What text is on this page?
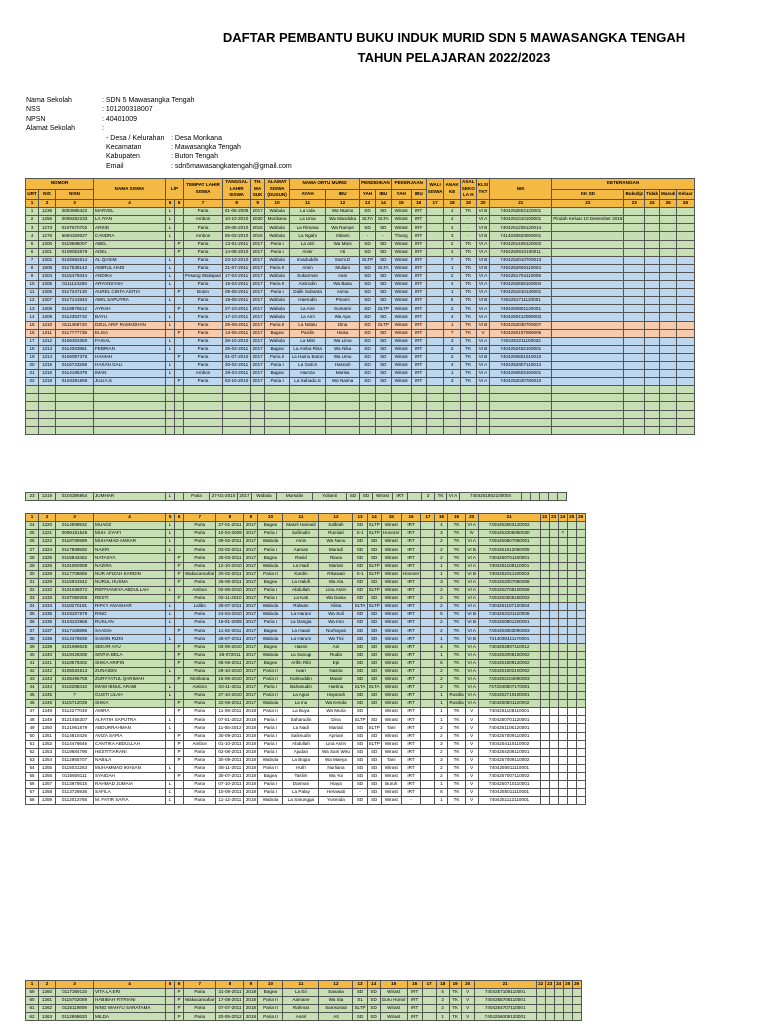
DAFTAR PEMBANTU BUKU INDUK MURID SDN 5 MAWASANGKA TENGAH
TAHUN PELAJARAN 2022/2023
Nama Sekolah	: SDN 5 Mawasangka Tengah
NSS	: 101200318007
NPSN	: 40401009
Alamat Sekolah	:
- Desa / Kelurahan : Desa Morikana
Kecamatan	: Mawasangka Tengah
Kabupaten	: Buton Tengah
Email	: sdn5mawasangkatengah@gmail.com
NOMOR			NAMA SISWA	L/P		TEMPAT LAHIR SISWA	TANGGAL LAHIR SISWA	TH. MA SUK	ALAMAT SISWA (DUSUN)	NAMA ORTU MURID		PENDIDIKAN		PEKERJAAN		WALI SISWA	ANAK KE	ASAL SEKO LA H	KLS/ TKT	NIK	KETERANGAN				
URT	NIS	NISN								AYAH	IBU	YAH	IBU	YAH	IBU						KK SD	Buku/Ijz	Tidak	Masuk	Keluar
1	2	3	4	5	6	7	8	9	10	11	12	13	14	15	16	17	18	19	20	21	22	23	24	25	26
1	1236	0093985422	MARVEL	L		Paria	01-06-2009	2017	Wabula	La Uda	Wa Ntamo	SD	SD	Wirast	IRT		4	TK	VI B	7404252803120001					
2	1256	0099262233	LA IYAN	L		Ambon	10-10-2010	2020	Morikana	La Uma	Wa Manduka	SLTA	SLTA	Wirast	IRT		4	-	VI A	7404251010100001	Pindah Keluar 10 Desember 2016				
3	1273	0107670702	ARSID	L		Paria	28-05-2010	2016	Wabula	La Rimasa	Wa Rampe	SD	SD	Wirast	IRT		4	-	VI B	7404251208120014					
4	1276	6094329027	CANDRA	L		Ambon	06-03-2010	2016	Wabula	La Ngahi	Sitiami	-	-	Thang	IRT		3	-	VI B	7414030603000001					
5	1300	0119695007	ABEL		P	Paria	13-01-2011	2017	Paria I	La aGi	Wa Mani	SD	SD	Wirast	IRT		2	TK	VI A	7404251408120002					
6	1301	0109053679	ADEL		P	Paria	14-08-2010	2017	Paria I	Ansir	Ati	SD	SD	Wirast	IRT		4	TK	VI A	7404250910100011					
7	1302	0102662614	AL QASIM	L		Paria	23-10-2010	2017	Wabula	Imaduddin	Sarni.D	SLTP	SD	Wirast	IRT		7	TK	VI B	7404252010700013					
8	1808	0117538142	AMIRUL HADI	L		Paria	21-07-2011	2017	Paria II	Amin	Muliani	SD	SLTA	Wirast	IRT		1	TK	VI B	7404252600110004					
9	1304	0115479344	ANDIKA	L		Pesang Wakapan	17-04-2011	2017	Wabula	Sukarman	Aani	SD	SD	Wirast	IRT		2	TK	VI A	7404251704110006					
10	1305	0111124269	ARYANSYAH	L		Paria	15-04-2011	2017	Paria II	Amirudin	Wa Basa	SD	SD	Wirast	IRT		4	TK	VI A	7404252608100004					
11	1306	0117347130	AUREL CINTA ASITIA		P	Buton	05-05-2011	2017	Paria I	Didik Subanta	Asma	SD	SD	Wirast	IRT		1	TK	VI A	7404251810130001					
12	1307	0117141943	AWIL SAPUTRA	L		Paria	19-05-2011	2017	Wabula	Haerudin	Pinami	SD	SD	Wirast	IRT		5	TK	VI B	7404252711120001					
13	1308	0119875512	AYRAH		P	Paria	27-10-2011	2017	Wabula	La Ane	Sumarni	SD	SLTP	Wirast	IRT		2	TK	VI A	7404250801120001					
14	1309	0112353732	BAYU	L		Paria	17-10-2011	2017	Wabula	La Ami	Wa Apa	SD	SD	Wirast	IRT		4	TK	VI A	7404250412090003					
15	1310	0111468720	DZUL ARIF RAMADHAN	L		Paria	25-08-2011	2017	Paria II	La Ndatu	Dina	SD	SLTP	Wirast	IRT		1	TK	VI B	7404252030700007					
16	1311	0117777736	ELISA		P	Paria	13-05-2011	2017	Bagea	Pardin	Haisa	SD	SD	Wirast	IRT		7	TK	V	7404250107080006					
17	1312	0106302060	FAISAL	L		Paria	28-10-2010	2017	Wabula	La Misi	Wa Lima	SD	SD	Wirast	IRT		3	TK	VI A	7404252211100032					
18	1313	0114263881	FEBRIAN	L		Paria	25-02-2011	2017	Bagea	La Amba Risa	Wa Nika	SD	SD	Wirast	IRT		2	TK	VI B	7404252402100001					
19	1314	0106097376	HANIAH		P	Paria	01-07-2010	2017	Paria II	La Hamu Buton	Wa Umu	SD	SD	Wirast	IRT		2	TK	VI B	7404250801010010					
20	1315	0116723269	HASAN GALI	L		Paria	20-02-2011	2017	Paria I	La Gali.S	Hasnah	SD	SD	Wirast	IRT		4	TK	VI A	7404252807110013					
21	1316	0114195379	IMAN	L		Ambon	28-03-2011	2017	Bagea	Hamza	Marisa	SD	SD	Wirast	IRT		1	TK	VI A	7404250603160001					
22	1318	0104281696	JULIA,S		P	Paria	03-10-2010	2017	Paria I	La Sahadu.S	Wa Naima	SD	SD	Wirast	IRT		3	TK	VI A	7404252020780010					

23	1319	0104386954	JUMHAR	L		Paria	27-01-2010	2017	Wabula	Mursalin	Yulianti	SD	SD	Wirast	IRT		3	TK	VI A	7404251802100004					
1	2	3	4	5	6	7	8	9	10	11	12	13	14	15	16	17	18	19	20	21	22	23	24	25	26
24	1320	0114599932	MUADZ	L		Paria	27-01-2011	2017	Bagea	Masril Hamadi	Salbiah	SD	SLTP	Wirast	IRT		4	TK	VI A	7404252603120002					
25	1321	0099151545	MUH. SYAFI	L		Paria	10-04-2009	2017	Paria I	Safirudin	Rumiati	S-1	SLTP	Honorer	IRT		3	TK	IV	7404252205080030			?		
26	1322	0118785989	MUHAMAD AMSAR	L		Paria	09-02-2011	2017	Wabula	Amin	Wa Nunu	SD	SD	Wirast	IRT		2	TK	VI A	7404250607080001					
27	1324	0117899592	NASRI	L		Paria	03-02-2011	2017	Paria I	Aaman	Muradi	SD	SD	Wirast	IRT		2	TK	VI B	7404251012080005					
28	1325	0115843462	NATASYA		P	Paria	25-03-2011	2017	Bagea	Rasid	Riana	SD	SD	Wirast	IRT		2	TK	VI A	7404250701100001					
29	1326	0101800088	NAZIRA		P	Paria	12-10-2010	2017	Wabula	La Hadi	Mariati	SD	SLTP	Wirast	IRT		1	TK	VI A	7404251108110001					
30	1328	0117708865	NUR AFIZAH KARDIN		P	Wakacamahar	20-02-2011	2017	Paria II	Kardin	Rikawati	S-1	SLTP	Wirast	Honorer		1	TK	VI B	7404252011100003					
31	1329	0115931942	NURUL HUSNA		P	Paria	26-06-2011	2017	Bagea	La Halufi	Wa Ala	SD	SD	Wirast	IRT		3	TK	VI A	7404252007080008					
32	1332	0101636072	REFFIANSYA ABDULLAH	L		Ambon	02-08-2010	2017	Paria I	Abdullah	Lina Asrin	SD	SLTP	Wirast	IRT		2	TK	VI A	7404252708100006					
33	1333	0107059286	RESTI		P	Paria	02-11-2010	2017	Paria I	La Kati	Wa Dasia	SD	SD	Wirast	IRT		2	TK	VI A	7404252505160002					
34	1334	0118270191	RIFKY ANASHAR	L		Lalibo	28-07-2011	2017	Wabula	Ridwan	Alisia	SLTA	SLTP	Wirast	IRT		2	TK	VI A	7404251107120004					
35	1335	0103207679	RINO	L		Paria	24-04-2010	2017	Wabula	La Harani	Wa Suli	SD	SD	Wirast	IRT		5	TK	VI B	7404253101120006					
36	1336	0104223985	RUSLAN	L		Paria	19-01-2009	2017	Paria I	La Dangia	Wa Imo	SD	SD	Wirast	IRT		2	TK	VI B	7404250801200001					
37	1337	0117165895	SAADIA		P	Paria	11-02-2011	2017	Bagea	La Haasi	Nurhayati	SD	SD	Wirast	IRT		2	TK	VI A	7404253003090003					
38	1338	0114476939	SAIDIN RIZKI	L		Paria	25-07-2011	2017	Wabula	La Haruni	Wa Tini	SD	SD	Wirast	IRT		1	TK	VI B	7414030411170001					
39	1339	0101699025	SEKAR AYU		P	Paria	03-09-2010	2017	Bagea	Hasmi	Ani	SD	SD	Wirast	IRT		4	TK	VI A	7404252807110012					
40	1340	0119428308	SINTIA BELA		P	Paria	28-072011	2017	Wabula	La Sanugi	Rudia	SD	SD	Wirast	IRT		1	TK	VI A	7404252008150002					
41	1341	0118575302	SISKA ARIFIN		P	Paria	06-06-2011	2017	Bagea	Arifin Ribi	Epi	SD	SD	Wirast	IRT		6	TK	VI A	7404251809120002					
42	1342	0105534613	ZUNAIDIN	L		Paria	29-10-2010	2017	Paria II	Iwan	Nasria	SD	SD	Wirast	IRT		2	TK	VI A	7404251002100002					
43	1343	0105495766	ZURYYATUL QARIMAH		P	Morikana	15-09-2010	2017	Paria II	Kaimuddin	Maani	SD	SD	Wirast	IRT		2	TK	VI A	7404252104090003					
44	1344	0116288410	IMAM IBNUL ARABI	L		Ambon	03-11-2011	2017	Paria I	Bahanudin	Hartina	SLTA	SLTA	Wirast	IRT		2	TK	VI A	7472040507170001					
45	1345	?	GUSTI ULAH	L		Paria	27-10-2010	2017	Paria II	La Agus	Hayanah	SD	SD	Wirast	IRT		1	Rusdia	VI A	7404252710100001					
46	1346	3115712039	SISKA		P	Paria	22-06-2011	2017	Wabula	La Inu	Wa Kenda	SD	SD	Wirast	IRT		1	Rusdia	VI A	7404250601120002					
47	1348	0112277049	AMIRA		P	Paria	11-08-2011	2018	Paria II	La Buya	Wa Muria	SD	-	Wirast	IRT		1	TK	V	7404251108110001					
48	1349	0121455307	ALFATIH SAPUTRA	L		Paria	07-01-2012	2018	Paria I	Saharudin	Dina	SLTP	SD	Wirast	IRT		1	TK	V	7404250701120001					
49	1350	0121961679	ABDURRAHMAN	L		Paria	11-05-2012	2018	Paria I	La Nadi	Mariati	SD	SLTP	Tani	IRT		2	TK	V	7404251105120001					
50	1351	0114810426	AVIZA SAPIA		P	Paria	30-09-2011	2018	Paria I	Salimudin	Apriani	SD	SD	Wirast	IRT		2	TK	V	7404257009110001					
51	1352	0114478646	CANTIKA ABDULLAH		P	Ambon	01-10-2011	2018	Paria I	Abdullah	Lina Asrin	SD	SLTP	Wirast	IRT		3	TK	V	7404254110110002					
52	1353	0119684796	HESTITIARANI		P	Paria	02-08-2011	2018	Paria I	Ajudan	Wa Sani Wiru	SD	SD	Wirast	IRT		2	TK	V	7404254208110001					
53	1354	0112955707	NABILA		P	Paria	30-09-2011	2018	Wabula	La Bogia	Wa Maeya	SD	SD	Tani	IRT		3	TK	V	7404257009110002					
54	1355	0115031263	MUHAMMAD IKHSAN	L		Paria	08-11-2011	2018	Paria II	Hufri	Nurliana	SD	SD	Wirast	IRT		2	TK	V	7404250811110001					
55	1356	0116808111	SYAIDAH		P	Paria	30-07-2011	2018	Bagea	Taslim	Wa Yoi	SD	SD	Wirast	IRT		2	TK	V	7404257007110002					
56	1357	0113976615	RAHMAD JUMAIA	L		Paria	07-10-2011	2018	Paria I	Darman	Hiaya	SD	SD	Buruh	IRT		1	TK	V	7404250710110001					
57	1358	0113726936	SAFILA	L		Paria	10-09-2011	2018	Paria I	La Palay	Herawati	-	SD	Wirast	IRT		8	TK	V	7404255011110001					
58	1359	0112013765	M. FATIR SAFIA	L		Paria	11-12-2011	2018	Wabula	La Sarungga	Yusmida	SD	SD	Wirast	-		1	TK	V	7404251112110001					
1	2	3	4	5	6	7	8	9	10	11	12	13	14	15	16	17	18	19	20	21	22	23	24	25	26
59	1360	0117389115	VITA LA ERI		P	Paria	31-08-2011	2018	Bagea	La Eri	Sanaria	SD	SD	Wirast	IRT		5	TK	V	7404257108110001					
60	1361	0115702089	HABIBAH FITRIANI		P	Wakacamahar	17-08-2011	2018	Paria II	Aamane	Wa Sia	S1	SD	Guru Honor	IRT		2	TK	V	7404255708110001					
61	1362	0115119809	NING WAHYU SARATAMA		P	Paria	07-07-2011	2018	Paria II	Rahmat	Samsuriati	SLTP	SD	Wirast	IRT		2	TK	V	7404254707110001					
62	1363	0112868620	MILDA		P	Paria	20-09-2012	2018	Paria II	Ansir	Ati	SD	SD	Wirast	IRT		1	TK	V	7404256009120001					
